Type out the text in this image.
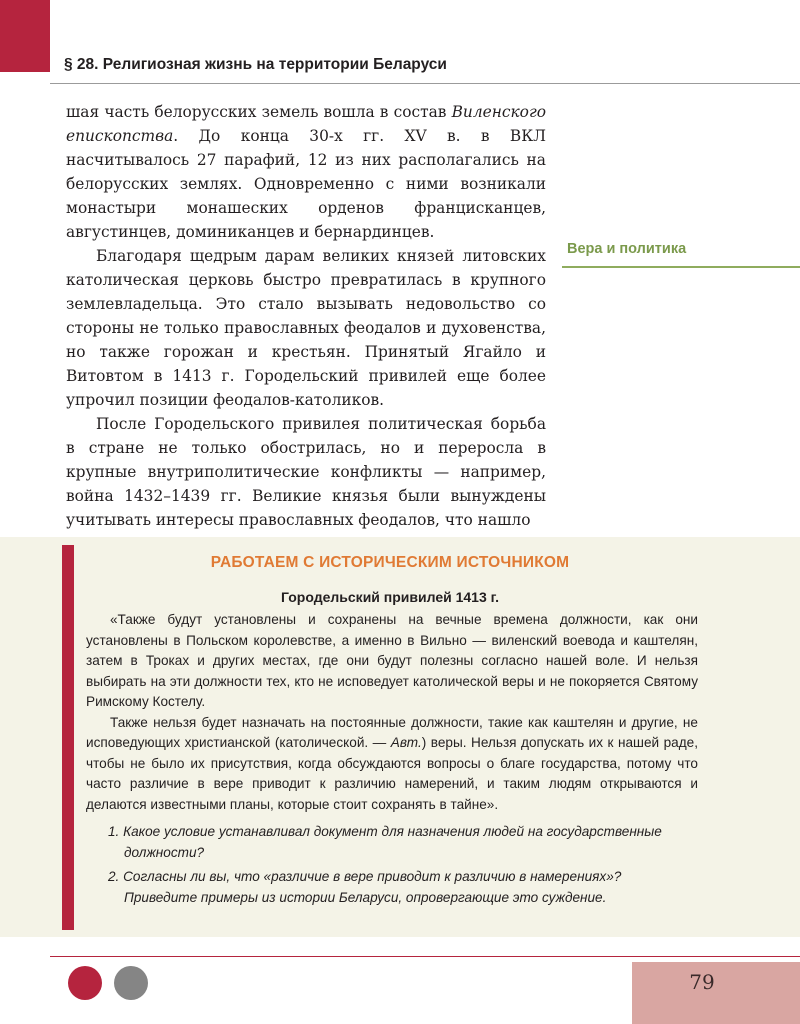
§ 28. Религиозная жизнь на территории Беларуси

шая часть белорусских земель вошла в состав Виленского епископства. До конца 30-х гг. XV в. в ВКЛ насчитывалось 27 парафий, 12 из них располагались на белорусских землях. Одновременно с ними возникали монастыри монашеских орденов францисканцев, августинцев, доминиканцев и бернардинцев.

Благодаря щедрым дарам великих князей литовских католическая церковь быстро превратилась в крупного землевладельца. Это стало вызывать недовольство со стороны не только православных феодалов и духовенства, но также горожан и крестьян. Принятый Ягайло и Витовтом в 1413 г. Городельский привилей еще более упрочил позиции феодалов-католиков.

После Городельского привилея политическая борьба в стране не только обострилась, но и переросла в крупные внутриполитические конфликты — например, война 1432–1439 гг. Великие князья были вынуждены учитывать интересы православных феодалов, что нашло

Вера и политика
РАБОТАЕМ С ИСТОРИЧЕСКИМ ИСТОЧНИКОМ
Городельский привилей 1413 г.

«Также будут установлены и сохранены на вечные времена должности, как они установлены в Польском королевстве, а именно в Вильно — виленский воевода и каштелян, затем в Троках и других местах, где они будут полезны согласно нашей воле. И нельзя выбирать на эти должности тех, кто не исповедует католической веры и не покоряется Святому Римскому Костелу.

Также нельзя будет назначать на постоянные должности, такие как каштелян и другие, не исповедующих христианской (католической. — Авт.) веры. Нельзя допускать их к нашей раде, чтобы не было их присутствия, когда обсуждаются вопросы о благе государства, потому что часто различие в вере приводит к различию намерений, и таким людям открываются и делаются известными планы, которые стоит сохранять в тайне».

1. Какое условие устанавливал документ для назначения людей на государственные должности?
2. Согласны ли вы, что «различие в вере приводит к различию в намерениях»? Приведите примеры из истории Беларуси, опровергающие это суждение.
79
